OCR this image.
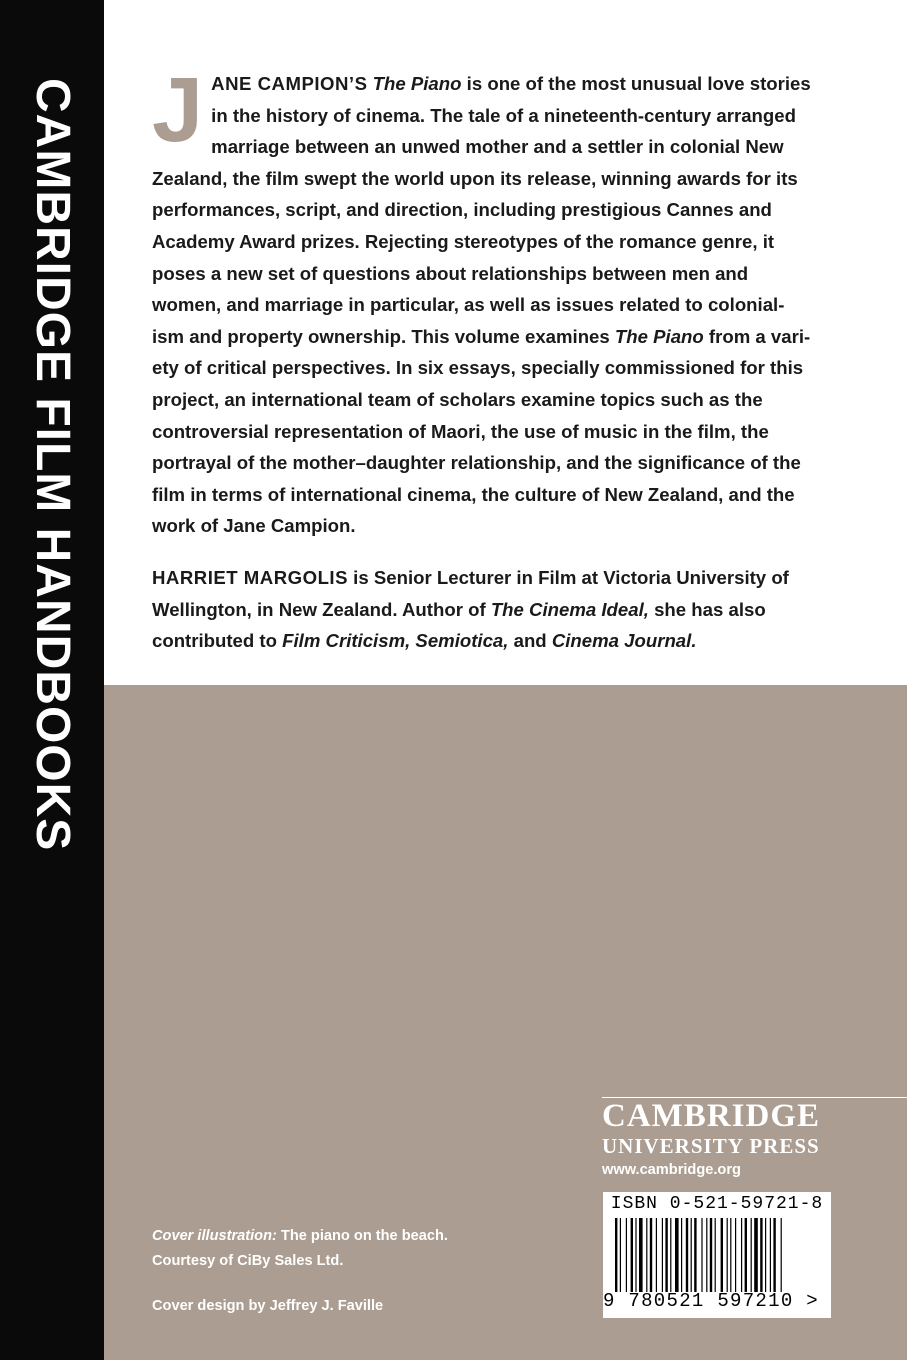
CAMBRIDGE FILM HANDBOOKS J ANE CAMPION’S The Piano is one of the most unusual love stories
in the history of cinema. The tale of a nineteenth-century arranged
marriage between an unwed mother and a settler in colonial New
Zealand, the film swept the world upon its release, winning awards for its
performances, script, and direction, including prestigious Cannes and
Academy Award prizes. Rejecting stereotypes of the romance genre, it
poses a new set of questions about relationships between men and
women, and marriage in particular, as well as issues related to colonial-
ism and property ownership. This volume examines The Piano from a vari-
ety of critical perspectives. In six essays, specially commissioned for this
project, an international team of scholars examine topics such as the
controversial representation of Maori, the use of music in the film, the
portrayal of the mother–daughter relationship, and the significance of the
film in terms of international cinema, the culture of New Zealand, and the
work of Jane Campion.
HARRIET MARGOLIS is Senior Lecturer in Film at Victoria University of
Wellington, in New Zealand. Author of The Cinema Ideal, she has also
contributed to Film Criticism, Semiotica, and Cinema Journal.
Cover illustration: The piano on the beach.
Courtesy of CiBy Sales Ltd.
Cover design by Jeffrey J. Faville
CAMBRIDGE
UNIVERSITY PRESS
www.cambridge.org
ISBN 0-521-59721-8
9 780521 597210 >
